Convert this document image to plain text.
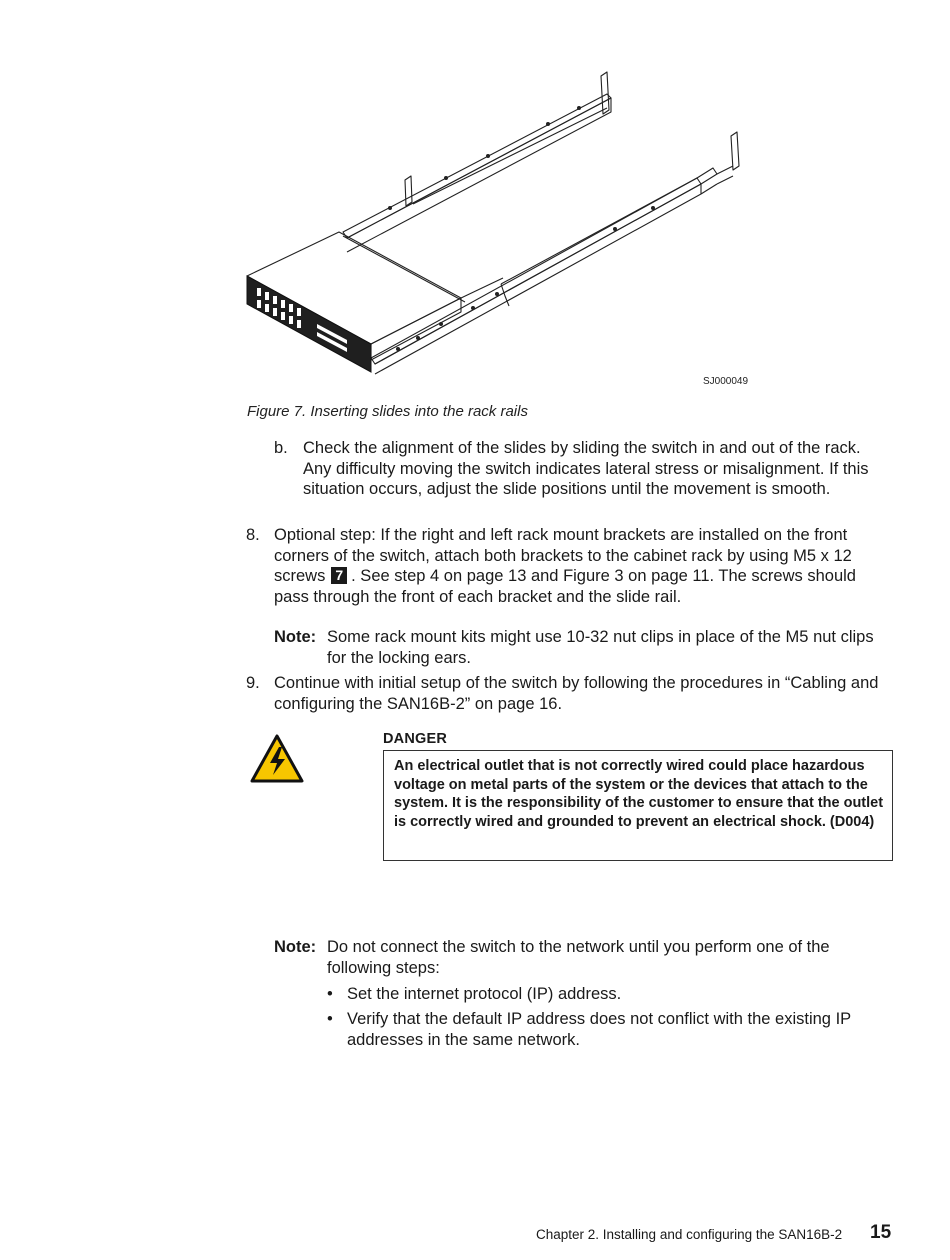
SJ000049
Figure 7. Inserting slides into the rack rails
b. Check the alignment of the slides by sliding the switch in and out of the rack. Any difficulty moving the switch indicates lateral stress or misalignment. If this situation occurs, adjust the slide positions until the movement is smooth.
8. Optional step: If the right and left rack mount brackets are installed on the front corners of the switch, attach both brackets to the cabinet rack by using M5 x 12 screws 7 . See step 4 on page 13 and Figure 3 on page 11. The screws should pass through the front of each bracket and the slide rail.
Note: Some rack mount kits might use 10-32 nut clips in place of the M5 nut clips for the locking ears.
9. Continue with initial setup of the switch by following the procedures in “Cabling and configuring the SAN16B-2” on page 16.
DANGER
An electrical outlet that is not correctly wired could place hazardous voltage on metal parts of the system or the devices that attach to the system. It is the responsibility of the customer to ensure that the outlet is correctly wired and grounded to prevent an electrical shock. (D004)
Note: Do not connect the switch to the network until you perform one of the following steps:
• Set the internet protocol (IP) address.
• Verify that the default IP address does not conflict with the existing IP addresses in the same network.
Chapter 2. Installing and configuring the SAN16B-2 15
